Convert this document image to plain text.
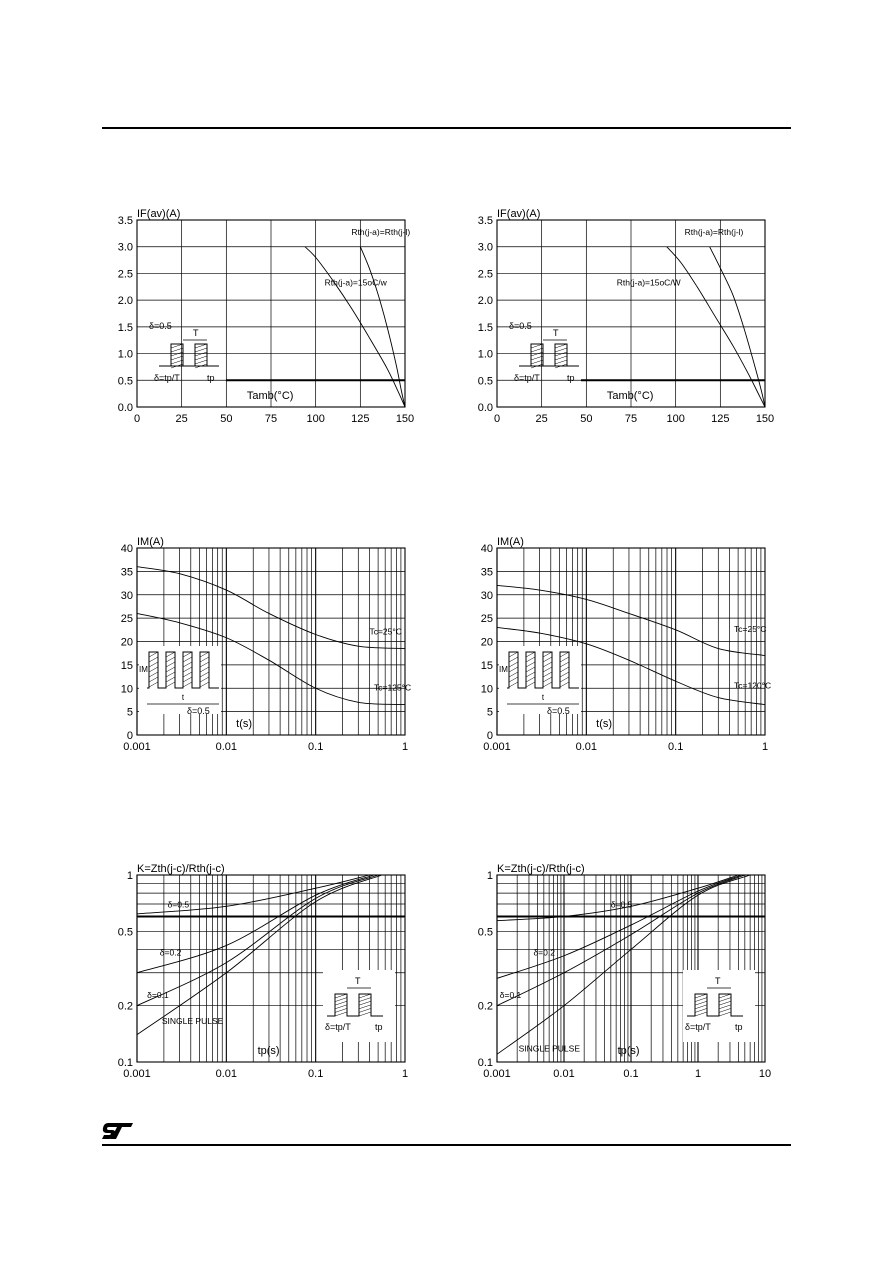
0	25	50	75	100 125 150
0.0
0.5
1.0
1.5
2.0
2.5
3.0
3.5
IF(av)(A)
Tamb(°C)
Rth(j-a)=Rth(j-l)
Rth(j-a)=15oC/w
T
δ=0.5
δ=tp/T	tp
0	25	50	75	100 125 150
0.0
0.5
1.0
1.5
2.0
2.5
3.0
3.5
IF(av)(A)
Tamb(°C)
Rth(j-a)=Rth(j-l)
Rth(j-a)=15oC/W
T
δ=0.5
δ=tp/T	tp
0.001	0.01	0.1	1
0
5
10
15
20
25
30
35
40
IM(A)
t(s)
Tc=25°C
Tc=125°C
IM
t
δ=0.5
0.001	0.01	0.1	1
0
5
10
15
20
25
30
35
40
IM(A)
t(s)
Tc=25°C
Tc=120°C
IM
t
δ=0.5
0.001	0.01	0.1	1
0.1
0.2
0.5
1
K=Zth(j-c)/Rth(j-c)
tp(s)
δ=0.5
δ=0.2
δ=0.1
SINGLE PULSE
T
δ=tp/T	tp
0.001	0.01	0.1	1	10
0.1
0.2
0.5
1
K=Zth(j-c)/Rth(j-c)
tp(s)
δ=0.5
δ=0.2
δ=0.1
SINGLE PULSE
T
δ=tp/T	tp
